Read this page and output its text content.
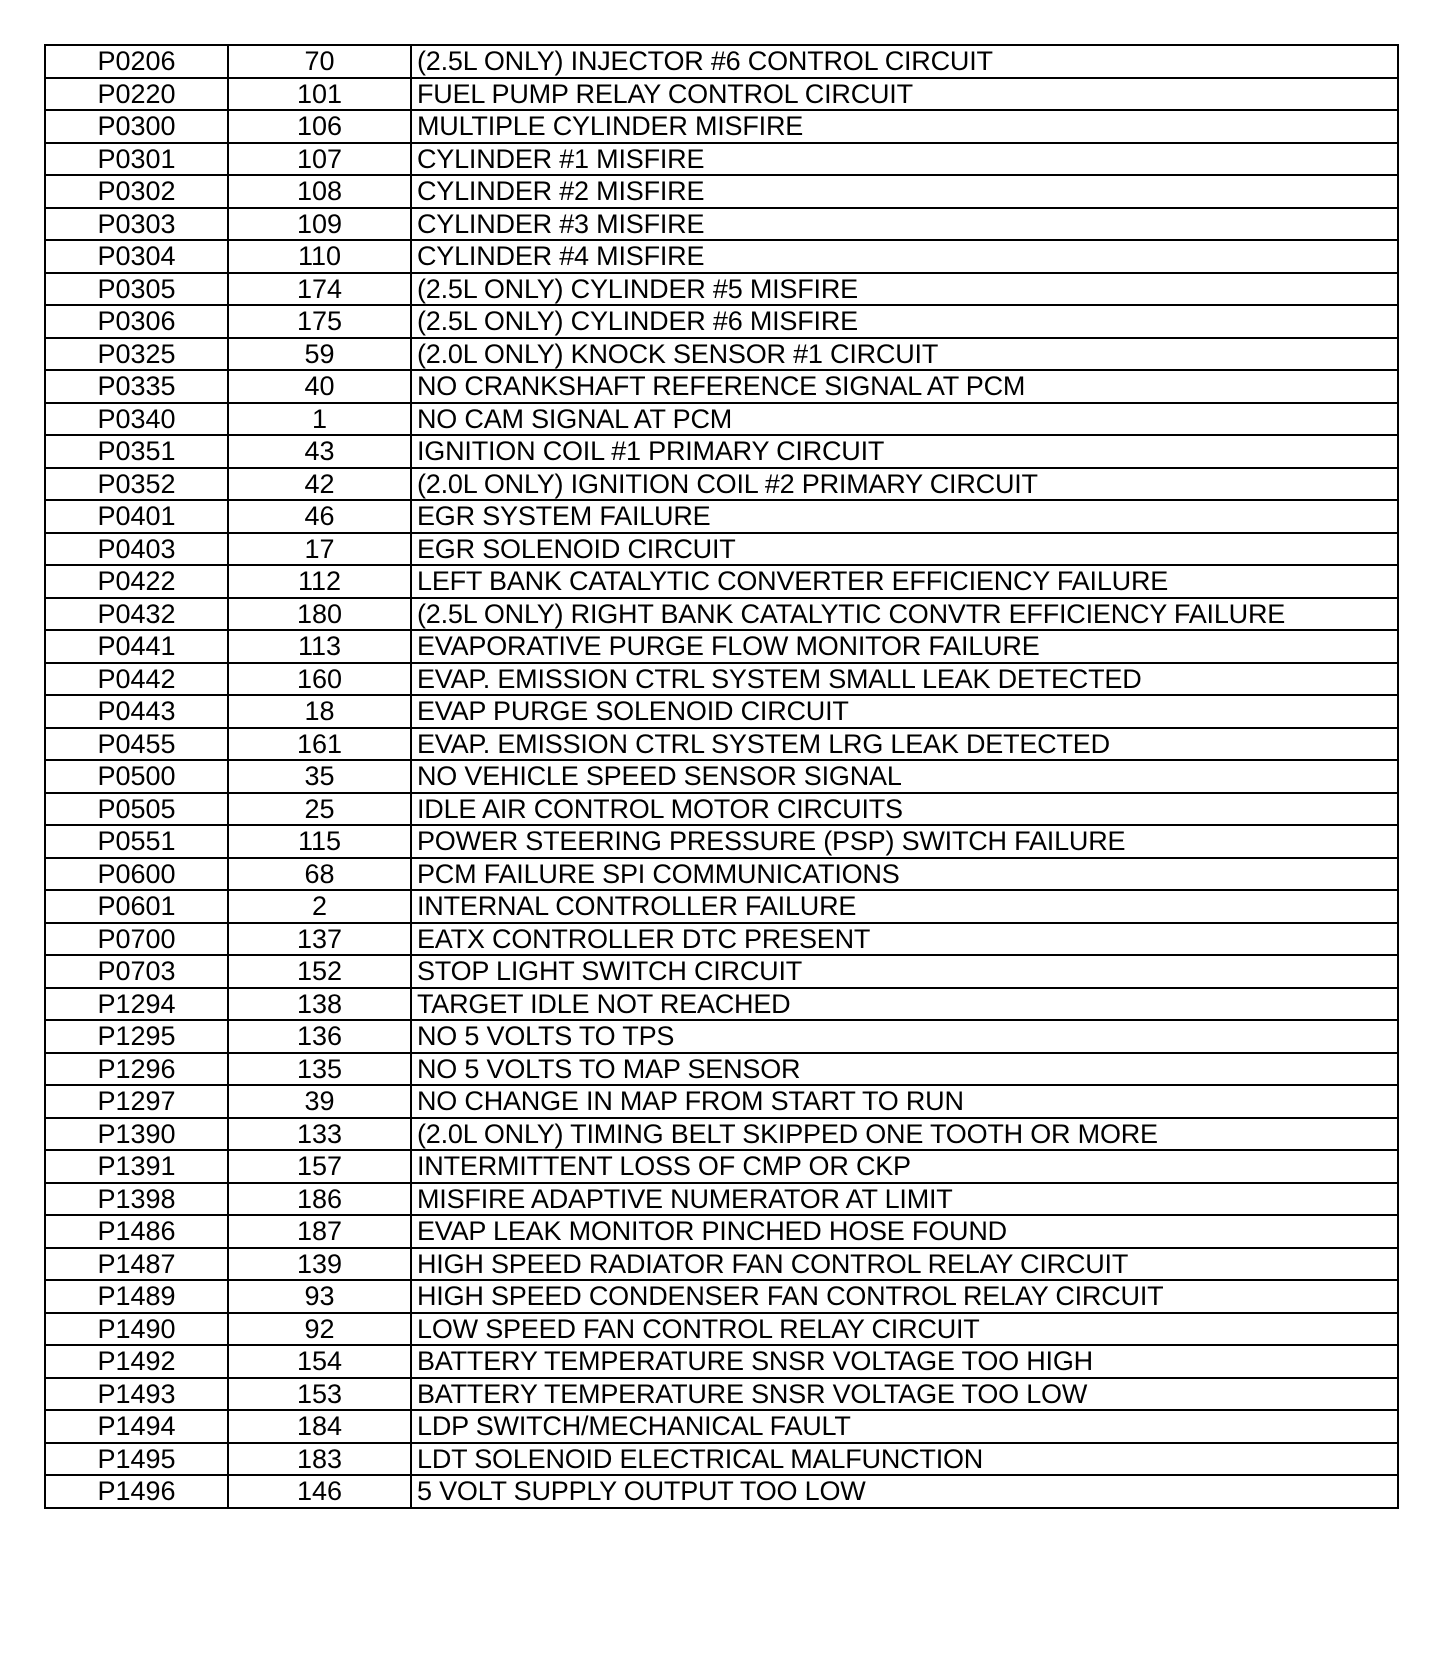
P0206	70	(2.5L ONLY) INJECTOR #6 CONTROL CIRCUIT
P0220	101	FUEL PUMP RELAY CONTROL CIRCUIT
P0300	106	MULTIPLE CYLINDER MISFIRE
P0301	107	CYLINDER #1 MISFIRE
P0302	108	CYLINDER #2 MISFIRE
P0303	109	CYLINDER #3 MISFIRE
P0304	110	CYLINDER #4 MISFIRE
P0305	174	(2.5L ONLY) CYLINDER #5 MISFIRE
P0306	175	(2.5L ONLY) CYLINDER #6 MISFIRE
P0325	59	(2.0L ONLY) KNOCK SENSOR #1 CIRCUIT
P0335	40	NO CRANKSHAFT REFERENCE SIGNAL AT PCM
P0340	1	NO CAM SIGNAL AT PCM
P0351	43	IGNITION COIL #1 PRIMARY CIRCUIT
P0352	42	(2.0L ONLY) IGNITION COIL #2 PRIMARY CIRCUIT
P0401	46	EGR SYSTEM FAILURE
P0403	17	EGR SOLENOID CIRCUIT
P0422	112	LEFT BANK CATALYTIC CONVERTER EFFICIENCY FAILURE
P0432	180	(2.5L ONLY) RIGHT BANK CATALYTIC CONVTR EFFICIENCY FAILURE
P0441	113	EVAPORATIVE PURGE FLOW MONITOR FAILURE
P0442	160	EVAP. EMISSION CTRL SYSTEM SMALL LEAK DETECTED
P0443	18	EVAP PURGE SOLENOID CIRCUIT
P0455	161	EVAP. EMISSION CTRL SYSTEM LRG LEAK DETECTED
P0500	35	NO VEHICLE SPEED SENSOR SIGNAL
P0505	25	IDLE AIR CONTROL MOTOR CIRCUITS
P0551	115	POWER STEERING PRESSURE (PSP) SWITCH FAILURE
P0600	68	PCM FAILURE SPI COMMUNICATIONS
P0601	2	INTERNAL CONTROLLER FAILURE
P0700	137	EATX CONTROLLER DTC PRESENT
P0703	152	STOP LIGHT SWITCH CIRCUIT
P1294	138	TARGET IDLE NOT REACHED
P1295	136	NO 5 VOLTS TO TPS
P1296	135	NO 5 VOLTS TO MAP SENSOR
P1297	39	NO CHANGE IN MAP FROM START TO RUN
P1390	133	(2.0L ONLY) TIMING BELT SKIPPED ONE TOOTH OR MORE
P1391	157	INTERMITTENT LOSS OF CMP OR CKP
P1398	186	MISFIRE ADAPTIVE NUMERATOR AT LIMIT
P1486	187	EVAP LEAK MONITOR PINCHED HOSE FOUND
P1487	139	HIGH SPEED RADIATOR FAN CONTROL RELAY CIRCUIT
P1489	93	HIGH SPEED CONDENSER FAN CONTROL RELAY CIRCUIT
P1490	92	LOW SPEED FAN CONTROL RELAY CIRCUIT
P1492	154	BATTERY TEMPERATURE SNSR VOLTAGE TOO HIGH
P1493	153	BATTERY TEMPERATURE SNSR VOLTAGE TOO LOW
P1494	184	LDP SWITCH/MECHANICAL FAULT
P1495	183	LDT SOLENOID ELECTRICAL MALFUNCTION
P1496	146	5 VOLT SUPPLY OUTPUT TOO LOW
